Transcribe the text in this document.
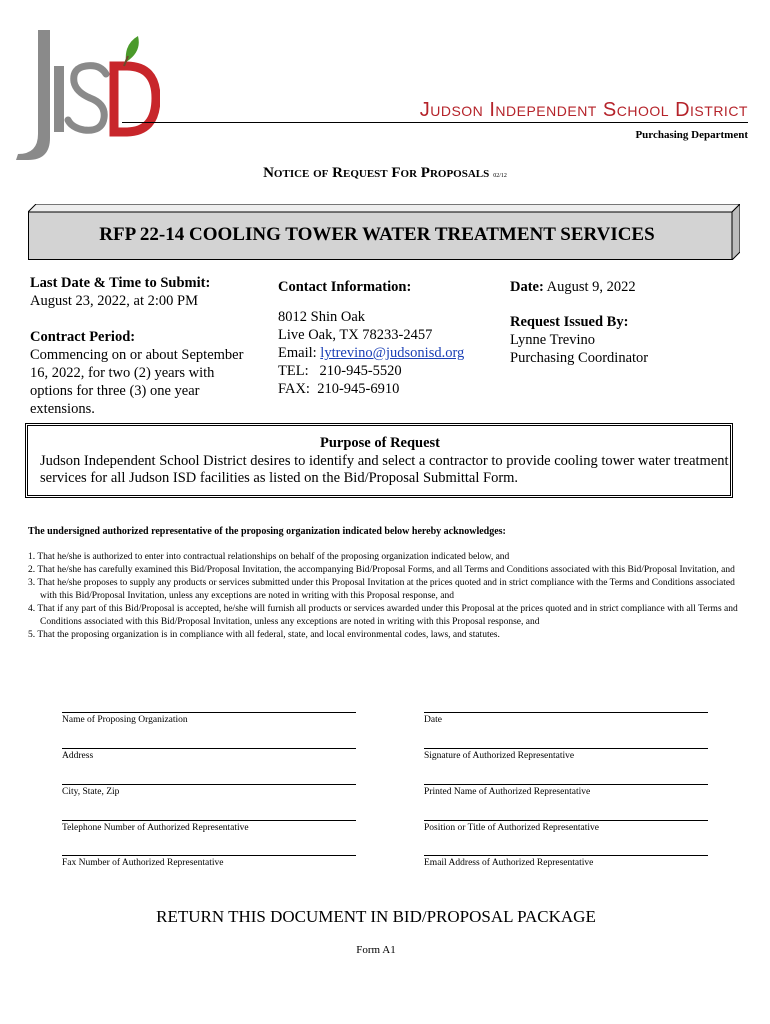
Judson Independent School District
Purchasing Department
Notice of Request For Proposals 02/12
RFP 22-14 COOLING TOWER WATER TREATMENT SERVICES
Last Date & Time to Submit:
August 23, 2022, at 2:00 PM
Contract Period:
Commencing on or about September 16, 2022, for two (2) years with options for three (3) one year extensions.
Contact Information:
8012 Shin Oak
Live Oak, TX 78233-2457
Email: lytrevino@judsonisd.org
TEL: 210-945-5520
FAX: 210-945-6910
Date: August 9, 2022
Request Issued By:
Lynne Trevino
Purchasing Coordinator
Purpose of Request
Judson Independent School District desires to identify and select a contractor to provide cooling tower water treatment services for all Judson ISD facilities as listed on the Bid/Proposal Submittal Form.
The undersigned authorized representative of the proposing organization indicated below hereby acknowledges:
1. That he/she is authorized to enter into contractual relationships on behalf of the proposing organization indicated below, and
2. That he/she has carefully examined this Bid/Proposal Invitation, the accompanying Bid/Proposal Forms, and all Terms and Conditions associated with this Bid/Proposal Invitation, and
3. That he/she proposes to supply any products or services submitted under this Proposal Invitation at the prices quoted and in strict compliance with the Terms and Conditions associated with this Bid/Proposal Invitation, unless any exceptions are noted in writing with this Proposal response, and
4. That if any part of this Bid/Proposal is accepted, he/she will furnish all products or services awarded under this Proposal at the prices quoted and in strict compliance with all Terms and Conditions associated with this Bid/Proposal Invitation, unless any exceptions are noted in writing with this Proposal response, and
5. That the proposing organization is in compliance with all federal, state, and local environmental codes, laws, and statutes.
Name of Proposing Organization
Address
City, State, Zip
Telephone Number of Authorized Representative
Fax Number of Authorized Representative
Date
Signature of Authorized Representative
Printed Name of Authorized Representative
Position or Title of Authorized Representative
Email Address of Authorized Representative
RETURN THIS DOCUMENT IN BID/PROPOSAL PACKAGE
Form A1
